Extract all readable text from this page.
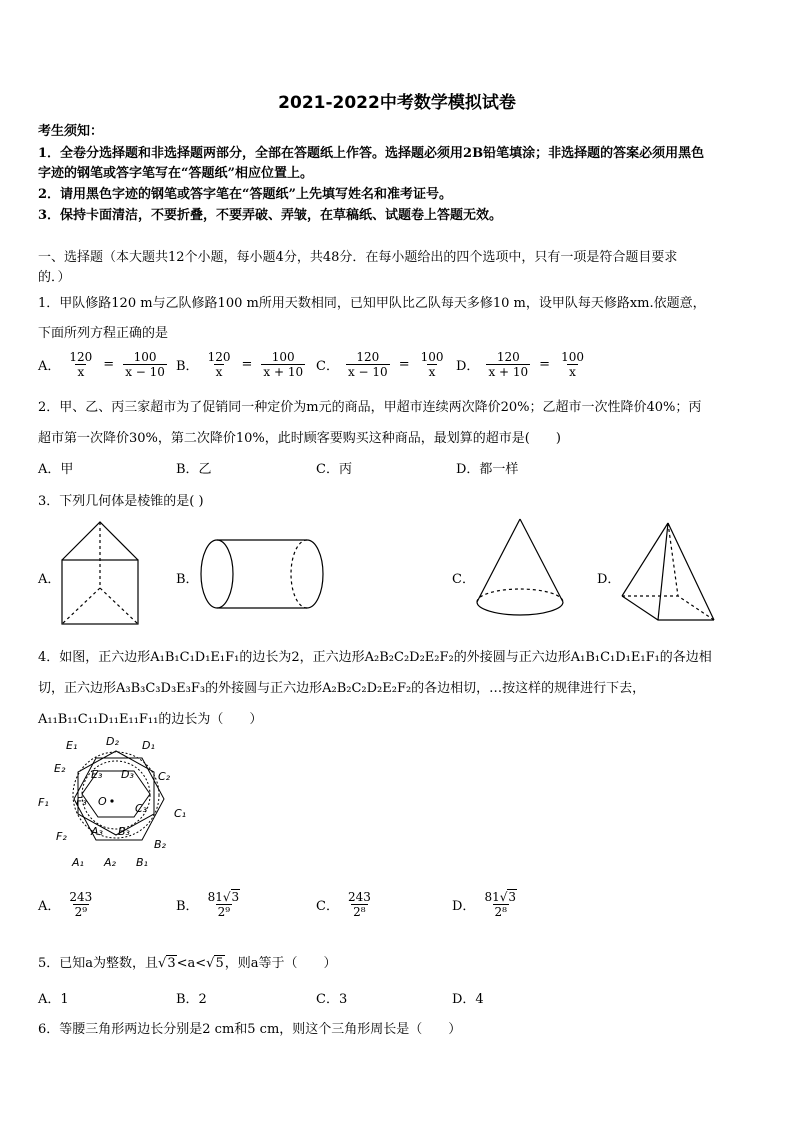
2021-2022中考数学模拟试卷
考生须知：
1．全卷分选择题和非选择题两部分，全部在答题纸上作答。选择题必须用2B铅笔填涂；非选择题的答案必须用黑色
字迹的钢笔或答字笔写在“答题纸”相应位置上。
2．请用黑色字迹的钢笔或答字笔在“答题纸”上先填写姓名和准考证号。
3．保持卡面清洁，不要折叠，不要弄破、弄皱，在草稿纸、试题卷上答题无效。
一、选择题（本大题共12个小题，每小题4分，共48分．在每小题给出的四个选项中，只有一项是符合题目要求
的．）
1．甲队修路120 m与乙队修路100 m所用天数相同，已知甲队比乙队每天多修10 m，设甲队每天修路xm.依题意，
下面所列方程正确的是
A． $\frac{120}{x} = \frac{100}{x - 10}$ B． $\frac{120}{x} = \frac{100}{x + 10}$ C． $\frac{120}{x - 10} = \frac{100}{x}$ D． $\frac{120}{x + 10} = \frac{100}{x}$
2．甲、乙、丙三家超市为了促销同一种定价为m元的商品，甲超市连续两次降价20%；乙超市一次性降价40%；丙
超市第一次降价30%，第二次降价10%，此时顾客要购买这种商品，最划算的超市是(　　)
A．甲	B．乙	C．丙	D．都一样
3．下列几何体是棱锥的是( )
A．	B．	C．	D．
4．如图，正六边形A₁B₁C₁D₁E₁F₁的边长为2，正六边形A₂B₂C₂D₂E₂F₂的外接圆与正六边形A₁B₁C₁D₁E₁F₁的各边相
切，正六边形A₃B₃C₃D₃E₃F₃的外接圆与正六边形A₂B₂C₂D₂E₂F₂的各边相切，…按这样的规律进行下去，
A₁₁B₁₁C₁₁D₁₁E₁₁F₁₁的边长为（　　）
E₁	D₂ D₁
E₂ E₃ D₃ C₂
F₁ F₃ O
C₃ C₁
F₂ A₃ B₃
B₂
A₁ A₂ B₁
A． $\frac{243}{\text{2⁹}}$	B． $\frac{81√3}{\text{2⁹}}$	C． $\frac{243}{\text{2⁸}}$	D． $\frac{81√3}{\text{2⁸}}$
5．已知a为整数，且√3<a<√5，则a等于（　　）
A．1	B．2	C．3	D．4
6．等腰三角形两边长分别是2 cm和5 cm，则这个三角形周长是（　　）
